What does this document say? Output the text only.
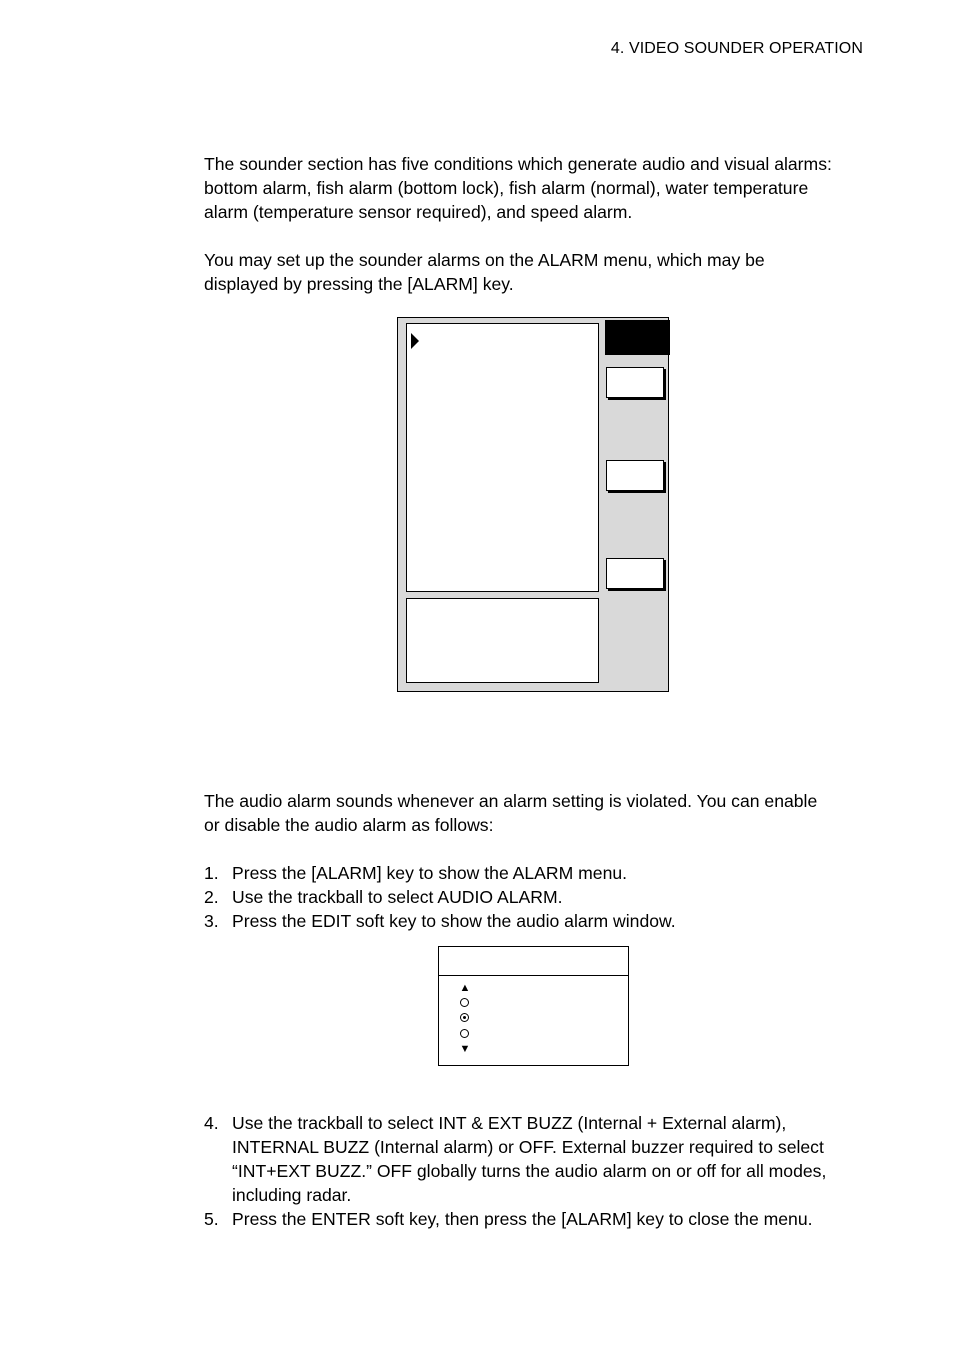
4. VIDEO SOUNDER OPERATION

The sounder section has five conditions which generate audio and visual alarms:
bottom alarm, fish alarm (bottom lock), fish alarm (normal), water temperature
alarm (temperature sensor required), and speed alarm.

You may set up the sounder alarms on the ALARM menu, which may be
displayed by pressing the [ALARM] key.

The audio alarm sounds whenever an alarm setting is violated. You can enable
or disable the audio alarm as follows:

1. Press the [ALARM] key to show the ALARM menu.
2. Use the trackball to select AUDIO ALARM.
3. Press the EDIT soft key to show the audio alarm window.
▲
▼
4. Use the trackball to select INT & EXT BUZZ (Internal + External alarm),
INTERNAL BUZZ (Internal alarm) or OFF. External buzzer required to select
“INT+EXT BUZZ.” OFF globally turns the audio alarm on or off for all modes,
including radar.
5. Press the ENTER soft key, then press the [ALARM] key to close the menu.
